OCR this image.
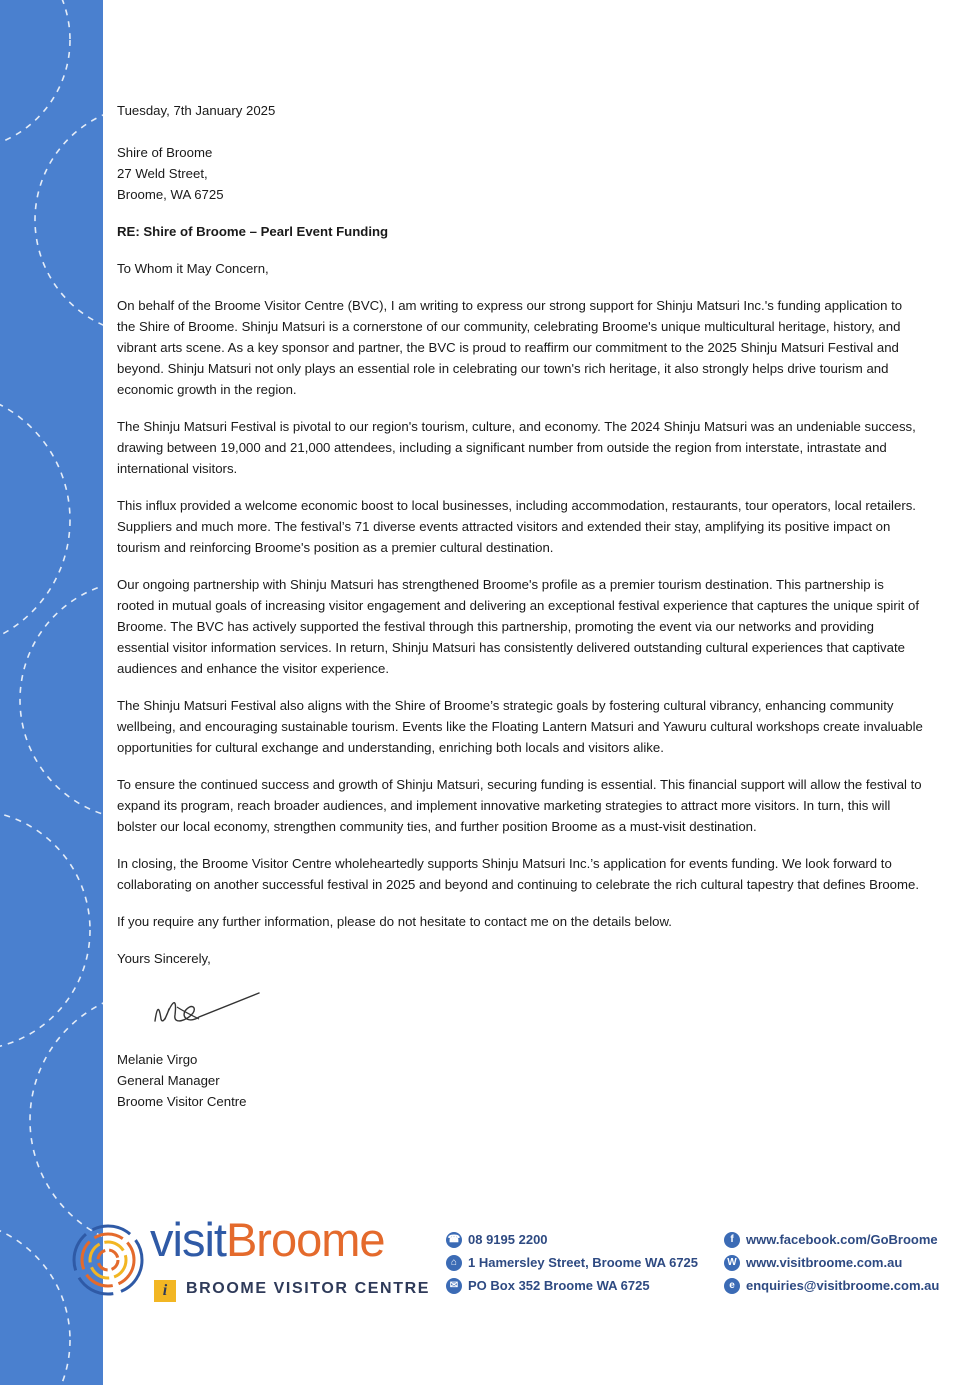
Tuesday, 7th January 2025

Shire of Broome
27 Weld Street,
Broome, WA 6725

RE: Shire of Broome – Pearl Event Funding

To Whom it May Concern,

On behalf of the Broome Visitor Centre (BVC), I am writing to express our strong support for Shinju Matsuri Inc.'s funding application to the Shire of Broome. Shinju Matsuri is a cornerstone of our community, celebrating Broome's unique multicultural heritage, history, and vibrant arts scene. As a key sponsor and partner, the BVC is proud to reaffirm our commitment to the 2025 Shinju Matsuri Festival and beyond. Shinju Matsuri not only plays an essential role in celebrating our town's rich heritage, it also strongly helps drive tourism and economic growth in the region.

The Shinju Matsuri Festival is pivotal to our region's tourism, culture, and economy. The 2024 Shinju Matsuri was an undeniable success, drawing between 19,000 and 21,000 attendees, including a significant number from outside the region from interstate, intrastate and international visitors.

This influx provided a welcome economic boost to local businesses, including accommodation, restaurants, tour operators, local retailers. Suppliers and much more. The festival’s 71 diverse events attracted visitors and extended their stay, amplifying its positive impact on tourism and reinforcing Broome's position as a premier cultural destination.

Our ongoing partnership with Shinju Matsuri has strengthened Broome's profile as a premier tourism destination. This partnership is rooted in mutual goals of increasing visitor engagement and delivering an exceptional festival experience that captures the unique spirit of Broome. The BVC has actively supported the festival through this partnership, promoting the event via our networks and providing essential visitor information services. In return, Shinju Matsuri has consistently delivered outstanding cultural experiences that captivate audiences and enhance the visitor experience.

The Shinju Matsuri Festival also aligns with the Shire of Broome’s strategic goals by fostering cultural vibrancy, enhancing community wellbeing, and encouraging sustainable tourism. Events like the Floating Lantern Matsuri and Yawuru cultural workshops create invaluable opportunities for cultural exchange and understanding, enriching both locals and visitors alike.

To ensure the continued success and growth of Shinju Matsuri, securing funding is essential. This financial support will allow the festival to expand its program, reach broader audiences, and implement innovative marketing strategies to attract more visitors. In turn, this will bolster our local economy, strengthen community ties, and further position Broome as a must-visit destination.

In closing, the Broome Visitor Centre wholeheartedly supports Shinju Matsuri Inc.’s application for events funding. We look forward to collaborating on another successful festival in 2025 and beyond and continuing to celebrate the rich cultural tapestry that defines Broome.

If you require any further information, please do not hesitate to contact me on the details below.

Yours Sincerely,

Melanie Virgo
General Manager
Broome Visitor Centre

visitBroome
i	BROOME VISITOR CENTRE
☎ 08 9195 2200
⌂ 1 Hamersley Street, Broome WA 6725
✉ PO Box 352 Broome WA 6725
f www.facebook.com/GoBroome
W www.visitbroome.com.au
e enquiries@visitbroome.com.au
